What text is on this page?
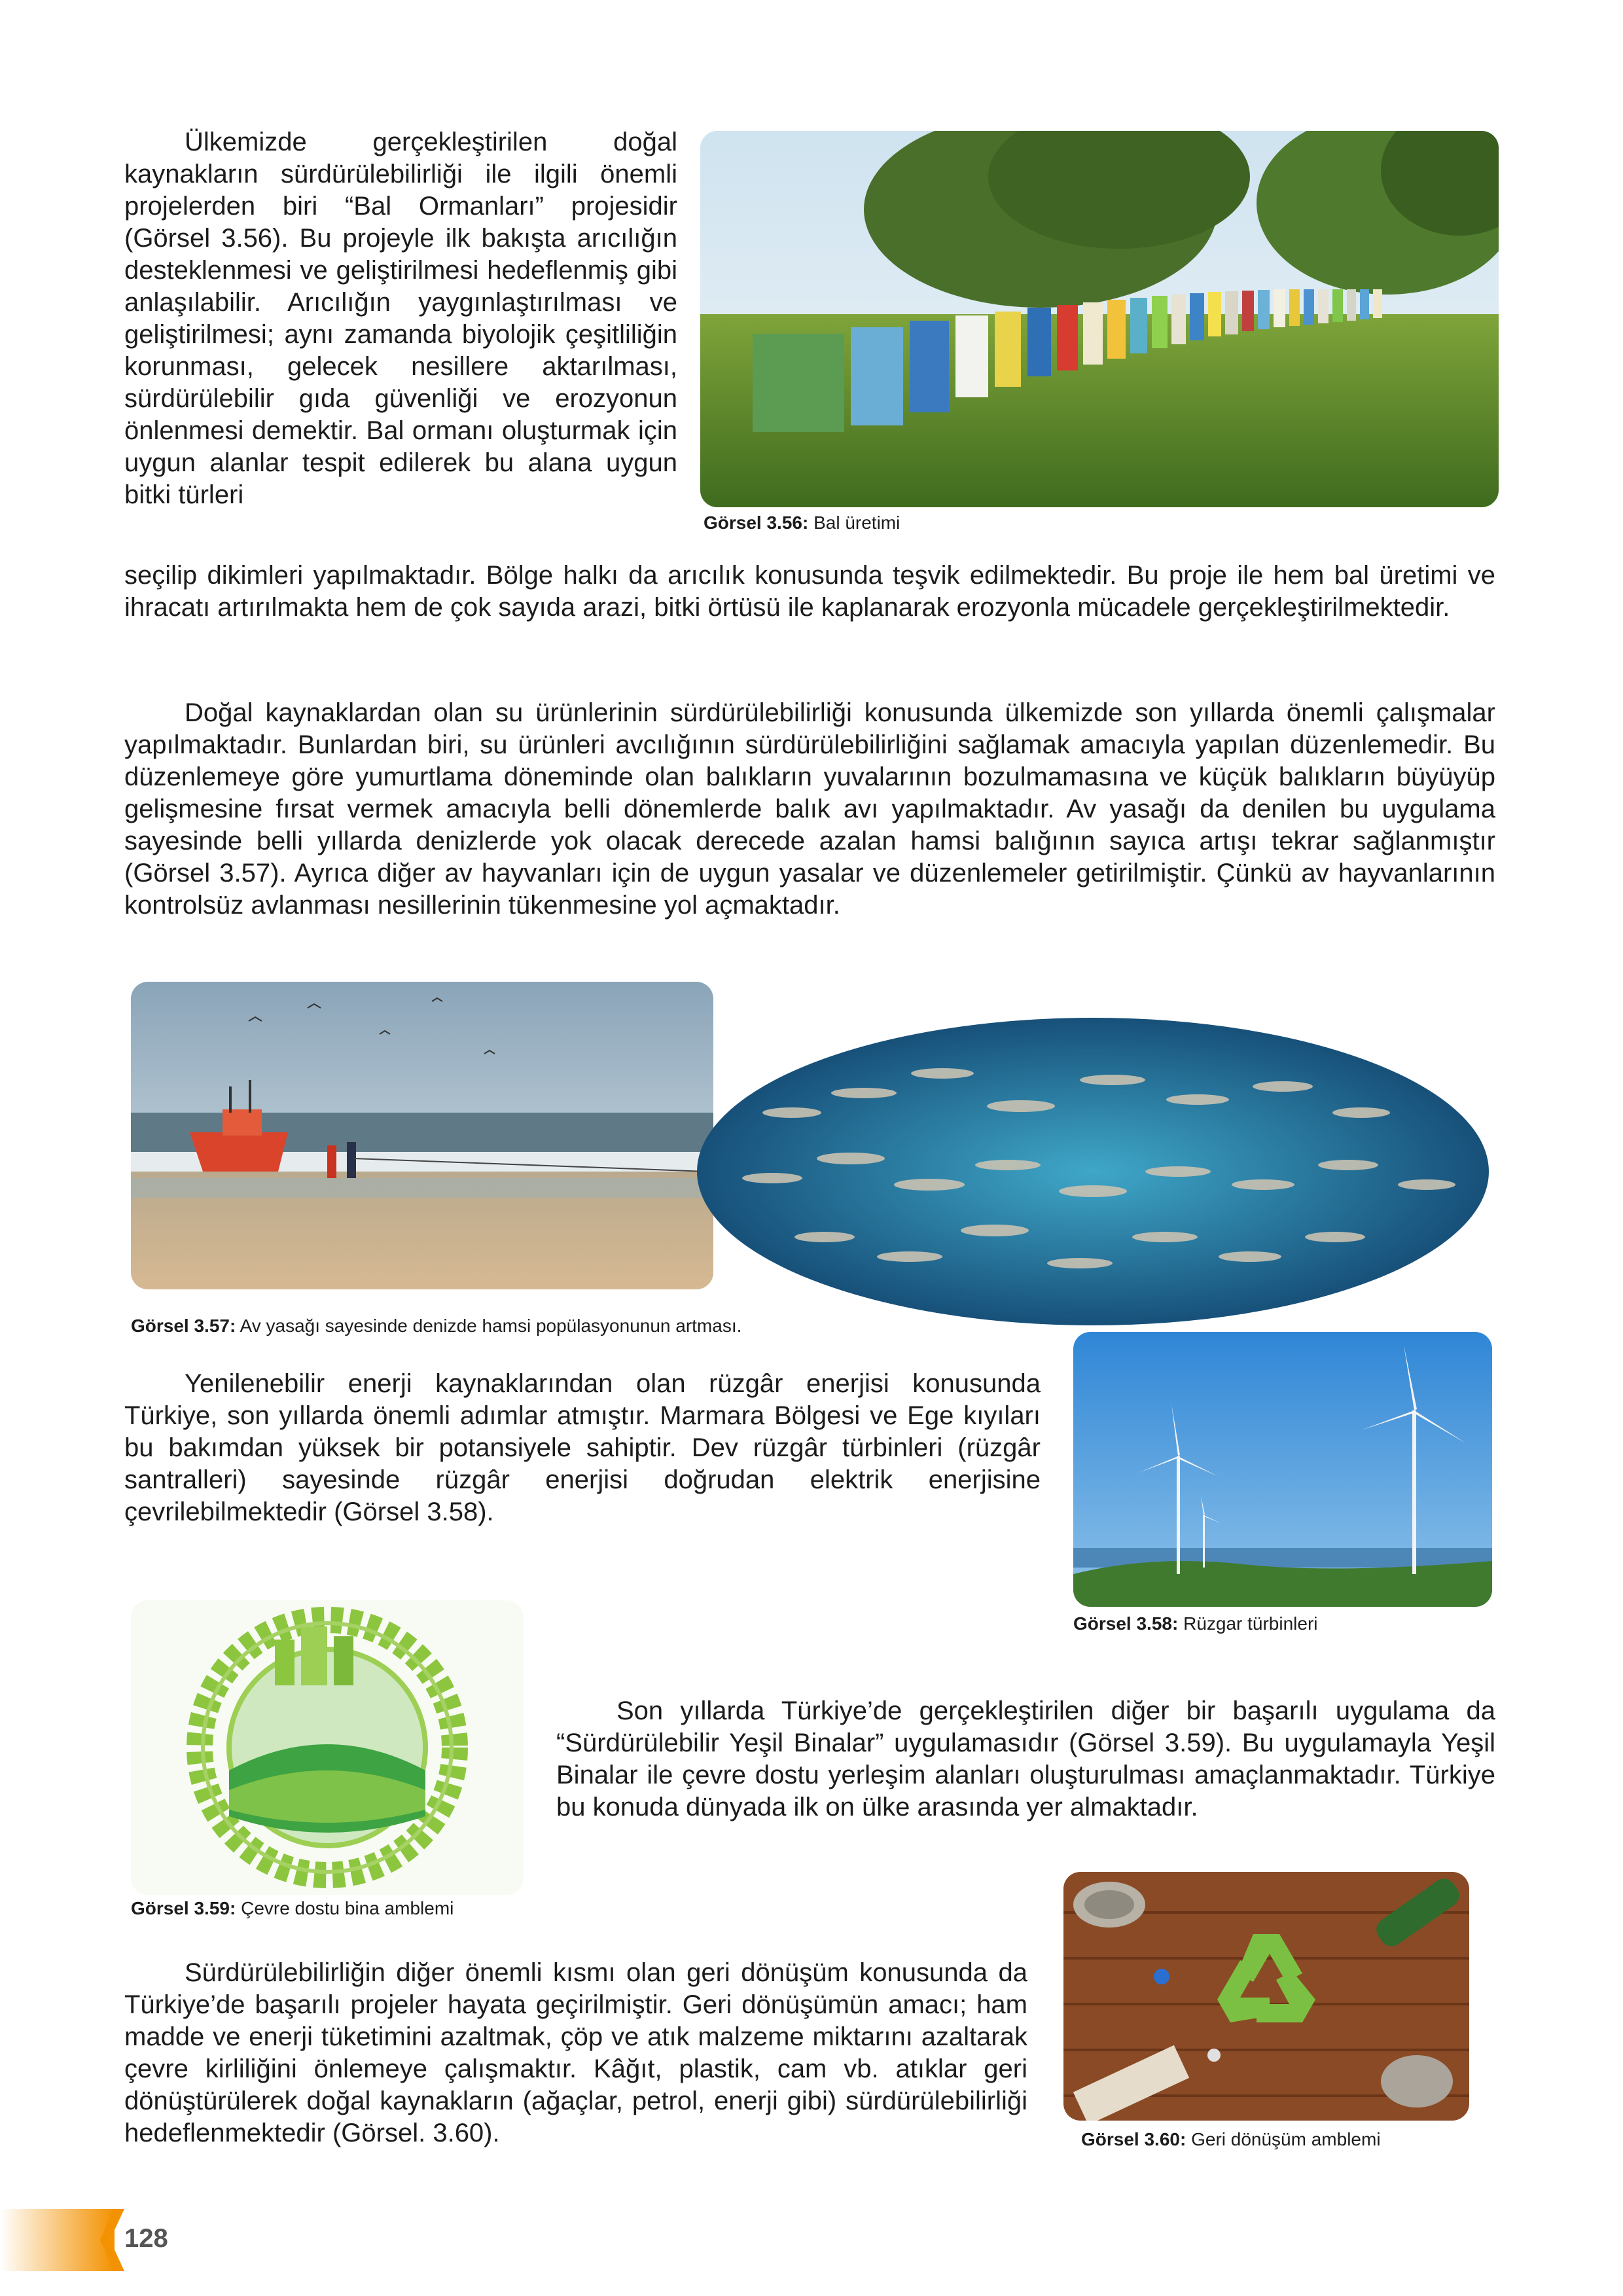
Ülkemizde gerçekleştirilen doğal kaynakların sürdürülebilirliği ile ilgili önemli projelerden biri “Bal Ormanları” projesidir (Görsel 3.56). Bu projeyle ilk bakışta arıcılığın desteklenmesi ve geliştirilmesi hedeflenmiş gibi anlaşılabilir. Arıcılığın yaygınlaştırılması ve geliştirilmesi; aynı zamanda biyolojik çeşitliliğin korunması, gelecek nesillere aktarılması, sürdürülebilir gıda güvenliği ve erozyonun önlenmesi demektir. Bal ormanı oluşturmak için uygun alanlar tespit edilerek bu alana uygun bitki türleri

seçilip dikimleri yapılmaktadır. Bölge halkı da arıcılık konusunda teşvik edilmektedir. Bu proje ile hem bal üretimi ve ihracatı artırılmakta hem de çok sayıda arazi, bitki örtüsü ile kaplanarak erozyonla mücadele gerçekleştirilmektedir.

Görsel 3.56: Bal üretimi

Doğal kaynaklardan olan su ürünlerinin sürdürülebilirliği konusunda ülkemizde son yıllarda önemli çalışmalar yapılmaktadır. Bunlardan biri, su ürünleri avcılığının sürdürülebilirliğini sağlamak amacıyla yapılan düzenlemedir. Bu düzenlemeye göre yumurtlama döneminde olan balıkların yuvalarının bozulmamasına ve küçük balıkların büyüyüp gelişmesine fırsat vermek amacıyla belli dönemlerde balık avı yapılmaktadır. Av yasağı da denilen bu uygulama sayesinde belli yıllarda denizlerde yok olacak derecede azalan hamsi balığının sayıca artışı tekrar sağlanmıştır (Görsel 3.57). Ayrıca diğer av hayvanları için de uygun yasalar ve düzenlemeler getirilmiştir. Çünkü av hayvanlarının kontrolsüz avlanması nesillerinin tükenmesine yol açmaktadır.

Görsel 3.57: Av yasağı sayesinde denizde hamsi popülasyonunun artması.

Yenilenebilir enerji kaynaklarından olan rüzgâr enerjisi konusunda Türkiye, son yıllarda önemli adımlar atmıştır. Marmara Bölgesi ve Ege kıyıları bu bakımdan yüksek bir potansiyele sahiptir. Dev rüzgâr türbinleri (rüzgâr santralleri) sayesinde rüzgâr enerjisi doğrudan elektrik enerjisine çevrilebilmektedir (Görsel 3.58).

Görsel 3.58: Rüzgar türbinleri
Görsel 3.59: Çevre dostu bina amblemi

Son yıllarda Türkiye’de gerçekleştirilen diğer bir başarılı uygulama da “Sürdürülebilir Yeşil Binalar” uygulamasıdır (Görsel 3.59). Bu uygulamayla Yeşil Binalar ile çevre dostu yerleşim alanları oluşturulması amaçlanmaktadır. Türkiye bu konuda dünyada ilk on ülke arasında yer almaktadır.

Sürdürülebilirliğin diğer önemli kısmı olan geri dönüşüm konusunda da Türkiye’de başarılı projeler hayata geçirilmiştir. Geri dönüşümün amacı; ham madde ve enerji tüketimini azaltmak, çöp ve atık malzeme miktarını azaltarak çevre kirliliğini önlemeye çalışmaktır. Kâğıt, plastik, cam vb. atıklar geri dönüştürülerek doğal kaynakların (ağaçlar, petrol, enerji gibi) sürdürülebilirliği hedeflenmektedir (Görsel. 3.60).	Görsel 3.60: Geri dönüşüm amblemi
128
